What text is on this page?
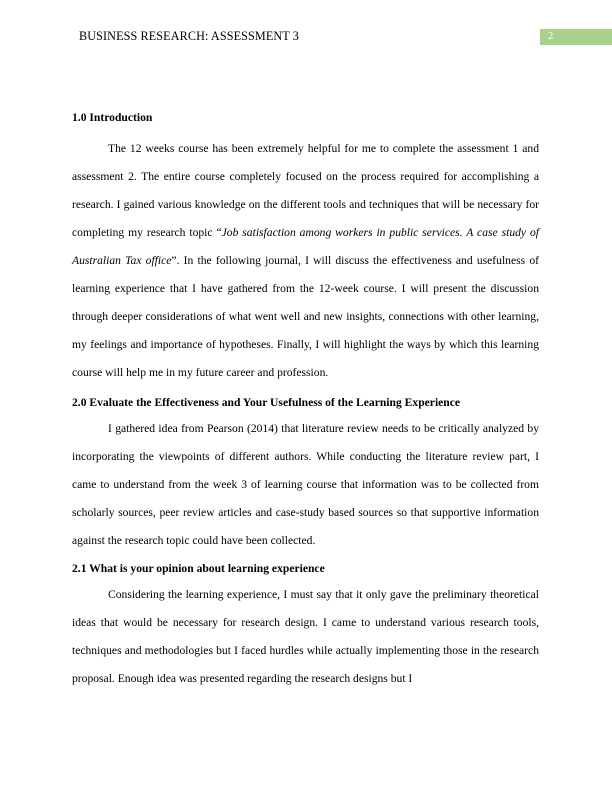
BUSINESS RESEARCH: ASSESSMENT 3	2

1.0 Introduction

The 12 weeks course has been extremely helpful for me to complete the assessment 1 and assessment 2. The entire course completely focused on the process required for accomplishing a research. I gained various knowledge on the different tools and techniques that will be necessary for completing my research topic “Job satisfaction among workers in public services. A case study of Australian Tax office”. In the following journal, I will discuss the effectiveness and usefulness of learning experience that I have gathered from the 12-week course. I will present the discussion through deeper considerations of what went well and new insights, connections with other learning, my feelings and importance of hypotheses. Finally, I will highlight the ways by which this learning course will help me in my future career and profession.

2.0 Evaluate the Effectiveness and Your Usefulness of the Learning Experience

I gathered idea from Pearson (2014) that literature review needs to be critically analyzed by incorporating the viewpoints of different authors. While conducting the literature review part, I came to understand from the week 3 of learning course that information was to be collected from scholarly sources, peer review articles and case-study based sources so that supportive information against the research topic could have been collected.

2.1 What is your opinion about learning experience

Considering the learning experience, I must say that it only gave the preliminary theoretical ideas that would be necessary for research design. I came to understand various research tools, techniques and methodologies but I faced hurdles while actually implementing those in the research proposal. Enough idea was presented regarding the research designs but I
